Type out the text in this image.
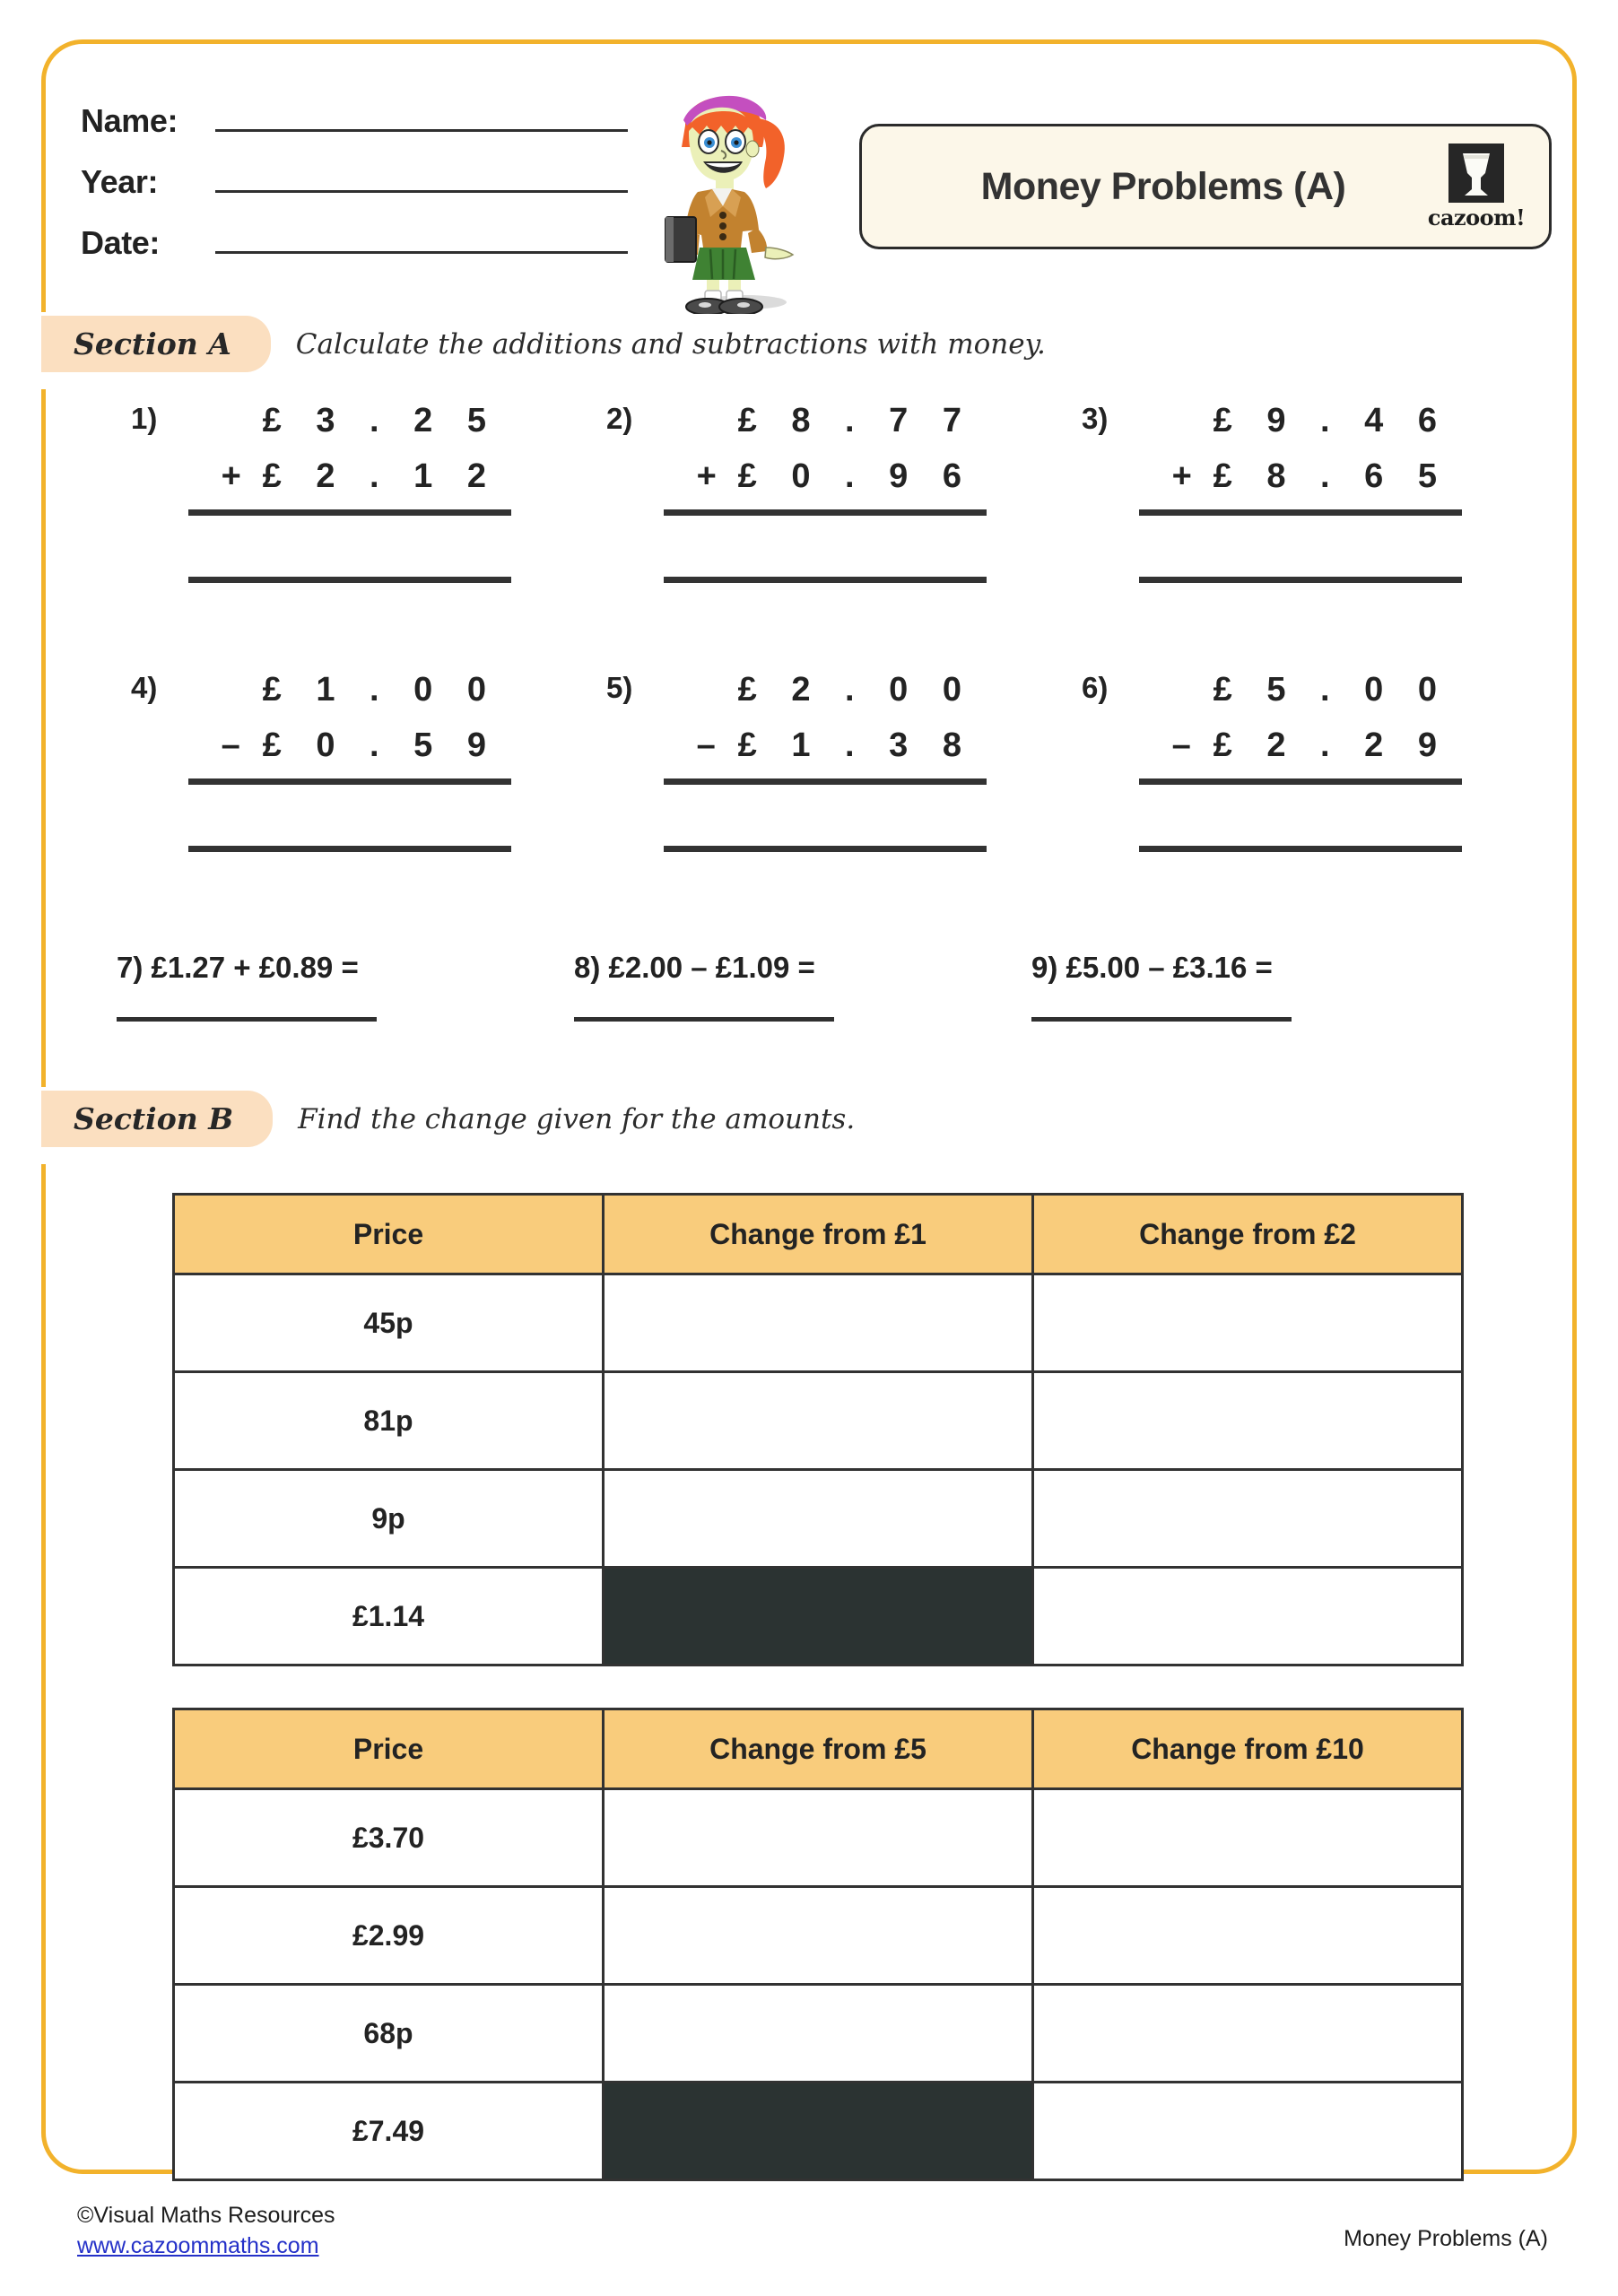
Name:
Year:
Date:
Money Problems (A)
cazoom!
Section A	Calculate the additions and subtractions with money.
1)	£ 3 . 2 5
+ £ 2 . 1 2
2)	£ 8 . 7 7
+ £ 0 . 9 6
3)	£ 9 . 4 6
+ £ 8 . 6 5
4)	£ 1 . 0 0
– £ 0 . 5 9
5)	£ 2 . 0 0
– £ 1 . 3 8
6)	£ 5 . 0 0
– £ 2 . 2 9
7) £1.27 + £0.89 =	8) £2.00 – £1.09 =	9) £5.00 – £3.16 =
Section B	Find the change given for the amounts.
Price	Change from £1	Change from £2
45p		
81p		
9p		
£1.14		
Price	Change from £5	Change from £10
£3.70		
£2.99		
68p		
£7.49		
©Visual Maths Resources
www.cazoommaths.com	Money Problems (A)
